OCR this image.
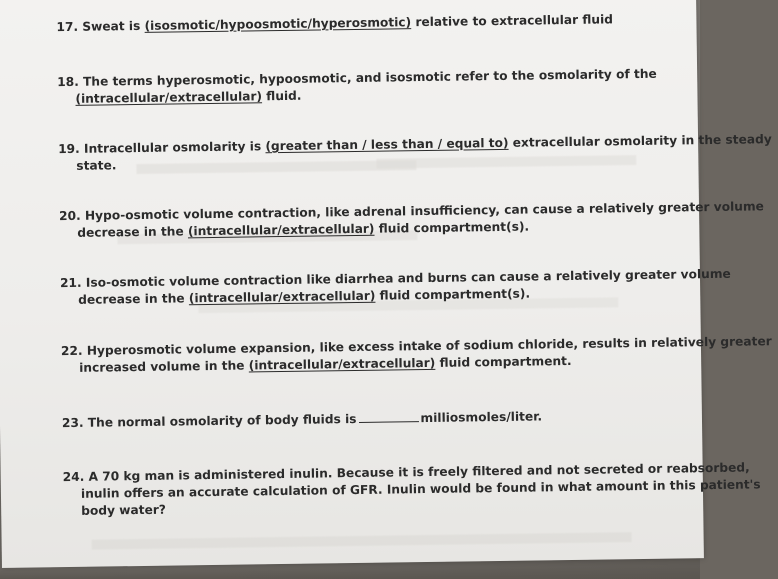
17. Sweat is (isosmotic/hypoosmotic/hyperosmotic) relative to extracellular fluid
18. The terms hyperosmotic, hypoosmotic, and isosmotic refer to the osmolarity of the
(intracellular/extracellular) fluid.
19. Intracellular osmolarity is (greater than / less than / equal to) extracellular osmolarity in the steady
state.
20. Hypo-osmotic volume contraction, like adrenal insufficiency, can cause a relatively greater volume
decrease in the (intracellular/extracellular) fluid compartment(s).
21. Iso-osmotic volume contraction like diarrhea and burns can cause a relatively greater volume
decrease in the (intracellular/extracellular) fluid compartment(s).
22. Hyperosmotic volume expansion, like excess intake of sodium chloride, results in relatively greater
increased volume in the (intracellular/extracellular) fluid compartment.
23. The normal osmolarity of body fluids is	milliosmoles/liter.
24. A 70 kg man is administered inulin. Because it is freely filtered and not secreted or reabsorbed,
inulin offers an accurate calculation of GFR. Inulin would be found in what amount in this patient's
body water?
